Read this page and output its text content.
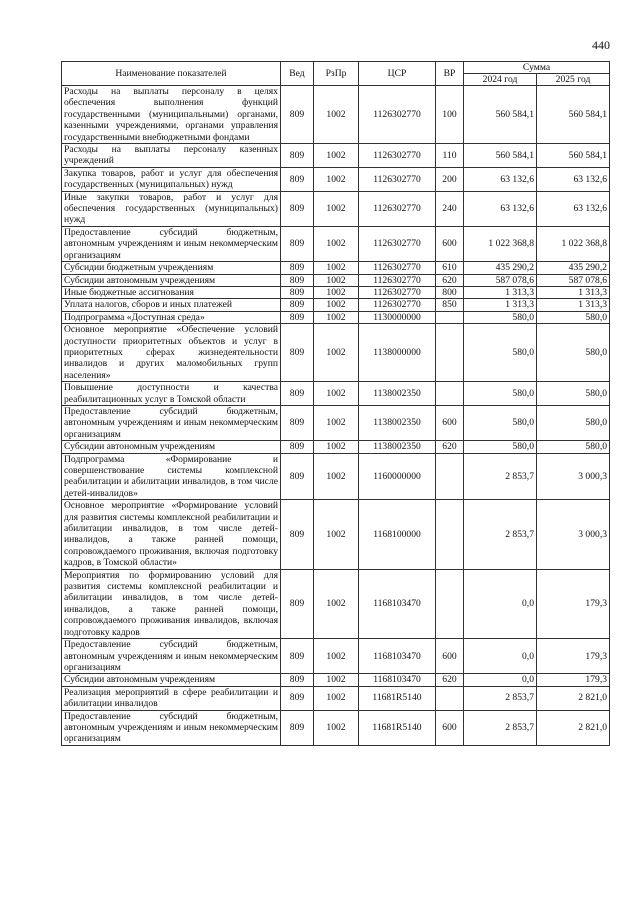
440
Наименование показателей	Вед	РзПр	ЦСР	ВР	Сумма	
					2024 год	2025 год
Расходы на выплаты персоналу в целях обеспечения выполнения функций государственными (муниципальными) органами, казенными учреждениями, органами управления государственными внебюджетными фондами	809	1002	1126302770	100	560 584,1	560 584,1
Расходы на выплаты персоналу казенных учреждений	809	1002	1126302770	110	560 584,1	560 584,1
Закупка товаров, работ и услуг для обеспечения государственных (муниципальных) нужд	809	1002	1126302770	200	63 132,6	63 132,6
Иные закупки товаров, работ и услуг для обеспечения государственных (муниципальных) нужд	809	1002	1126302770	240	63 132,6	63 132,6
Предоставление субсидий бюджетным, автономным учреждениям и иным некоммерческим организациям	809	1002	1126302770	600	1 022 368,8	1 022 368,8
Субсидии бюджетным учреждениям	809	1002	1126302770	610	435 290,2	435 290,2
Субсидии автономным учреждениям	809	1002	1126302770	620	587 078,6	587 078,6
Иные бюджетные ассигнования	809	1002	1126302770	800	1 313,3	1 313,3
Уплата налогов, сборов и иных платежей	809	1002	1126302770	850	1 313,3	1 313,3
Подпрограмма «Доступная среда»	809	1002	1130000000		580,0	580,0
Основное мероприятие «Обеспечение условий доступности приоритетных объектов и услуг в приоритетных сферах жизнедеятельности инвалидов и других маломобильных групп населения»	809	1002	1138000000		580,0	580,0
Повышение доступности и качества реабилитационных услуг в Томской области	809	1002	1138002350		580,0	580,0
Предоставление субсидий бюджетным, автономным учреждениям и иным некоммерческим организациям	809	1002	1138002350	600	580,0	580,0
Субсидии автономным учреждениям	809	1002	1138002350	620	580,0	580,0
Подпрограмма «Формирование и совершенствование системы комплексной реабилитации и абилитации инвалидов, в том числе детей-инвалидов»	809	1002	1160000000		2 853,7	3 000,3
Основное мероприятие «Формирование условий для развития системы комплексной реабилитации и абилитации инвалидов, в том числе детей-инвалидов, а также ранней помощи, сопровождаемого проживания, включая подготовку кадров, в Томской области»	809	1002	1168100000		2 853,7	3 000,3
Мероприятия по формированию условий для развития системы комплексной реабилитации и абилитации инвалидов, в том числе детей-инвалидов, а также ранней помощи, сопровождаемого проживания инвалидов, включая подготовку кадров	809	1002	1168103470		0,0	179,3
Предоставление субсидий бюджетным, автономным учреждениям и иным некоммерческим организациям	809	1002	1168103470	600	0,0	179,3
Субсидии автономным учреждениям	809	1002	1168103470	620	0,0	179,3
Реализация мероприятий в сфере реабилитации и абилитации инвалидов	809	1002	11681R5140		2 853,7	2 821,0
Предоставление субсидий бюджетным, автономным учреждениям и иным некоммерческим организациям	809	1002	11681R5140	600	2 853,7	2 821,0
